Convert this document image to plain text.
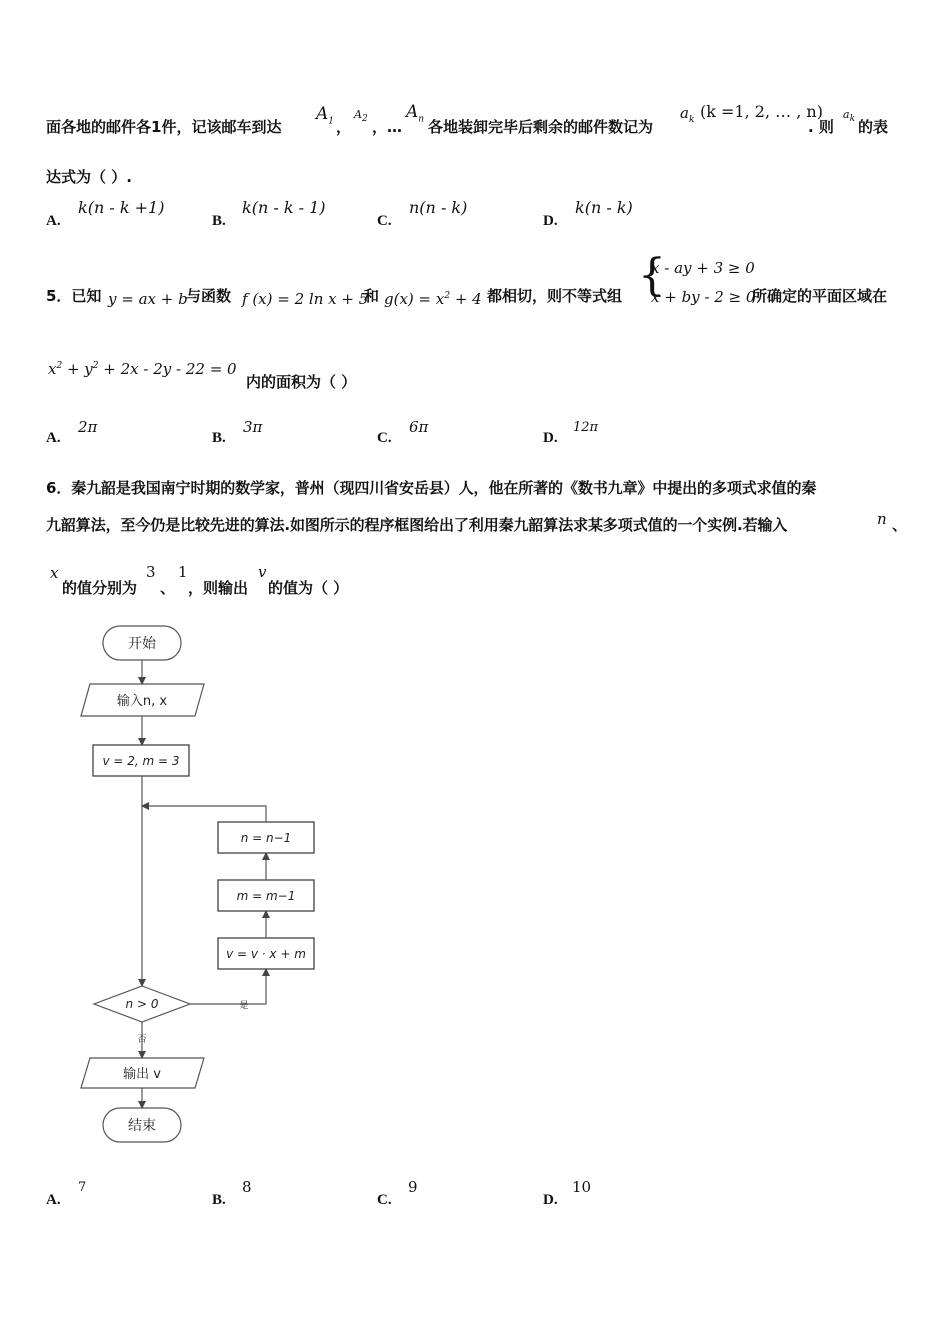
面各地的邮件各1件，记该邮车到达
$A_1$ ，
$A_2$ ，…
$A_n$ 各地装卸完毕后剩余的邮件数记为
$a_k$ (k =1, 2, … , n)
. 则
$a_k$ 的表
达式为（ ）.
A.
k(n - k +1)
B.
k(n - k - 1)
C.
n(n - k)
D.
k(n - k)
5．已知 y = ax + b
与函数 f (x) = 2 ln x + 5
和 $g(x) = x^2 + 4$ 都相切，则不等式组 {
x - ay + 3 ≥ 0
x + by - 2 ≥ 0
所确定的平面区域在
$x^2 + y^2 + 2x - 2y - 22 = 0$
内的面积为（ ）
A.
2π
B.
3π
C.
6π
D.
12π
6．秦九韶是我国南宁时期的数学家，普州（现四川省安岳县）人，他在所著的《数书九章》中提出的多项式求值的秦
九韶算法，至今仍是比较先进的算法.如图所示的程序框图给出了利用秦九韶算法求某多项式值的一个实例.若输入	n 、
x
的值分别为
3
、
1
，则输出
v
的值为（ ）
开始
输入n, x
v = 2, m = 3
n = n−1
m = m−1
v = v · x + m
n > 0	是
否
输出 v
结束
A.
7
B.
8
C.
9
D.
10
